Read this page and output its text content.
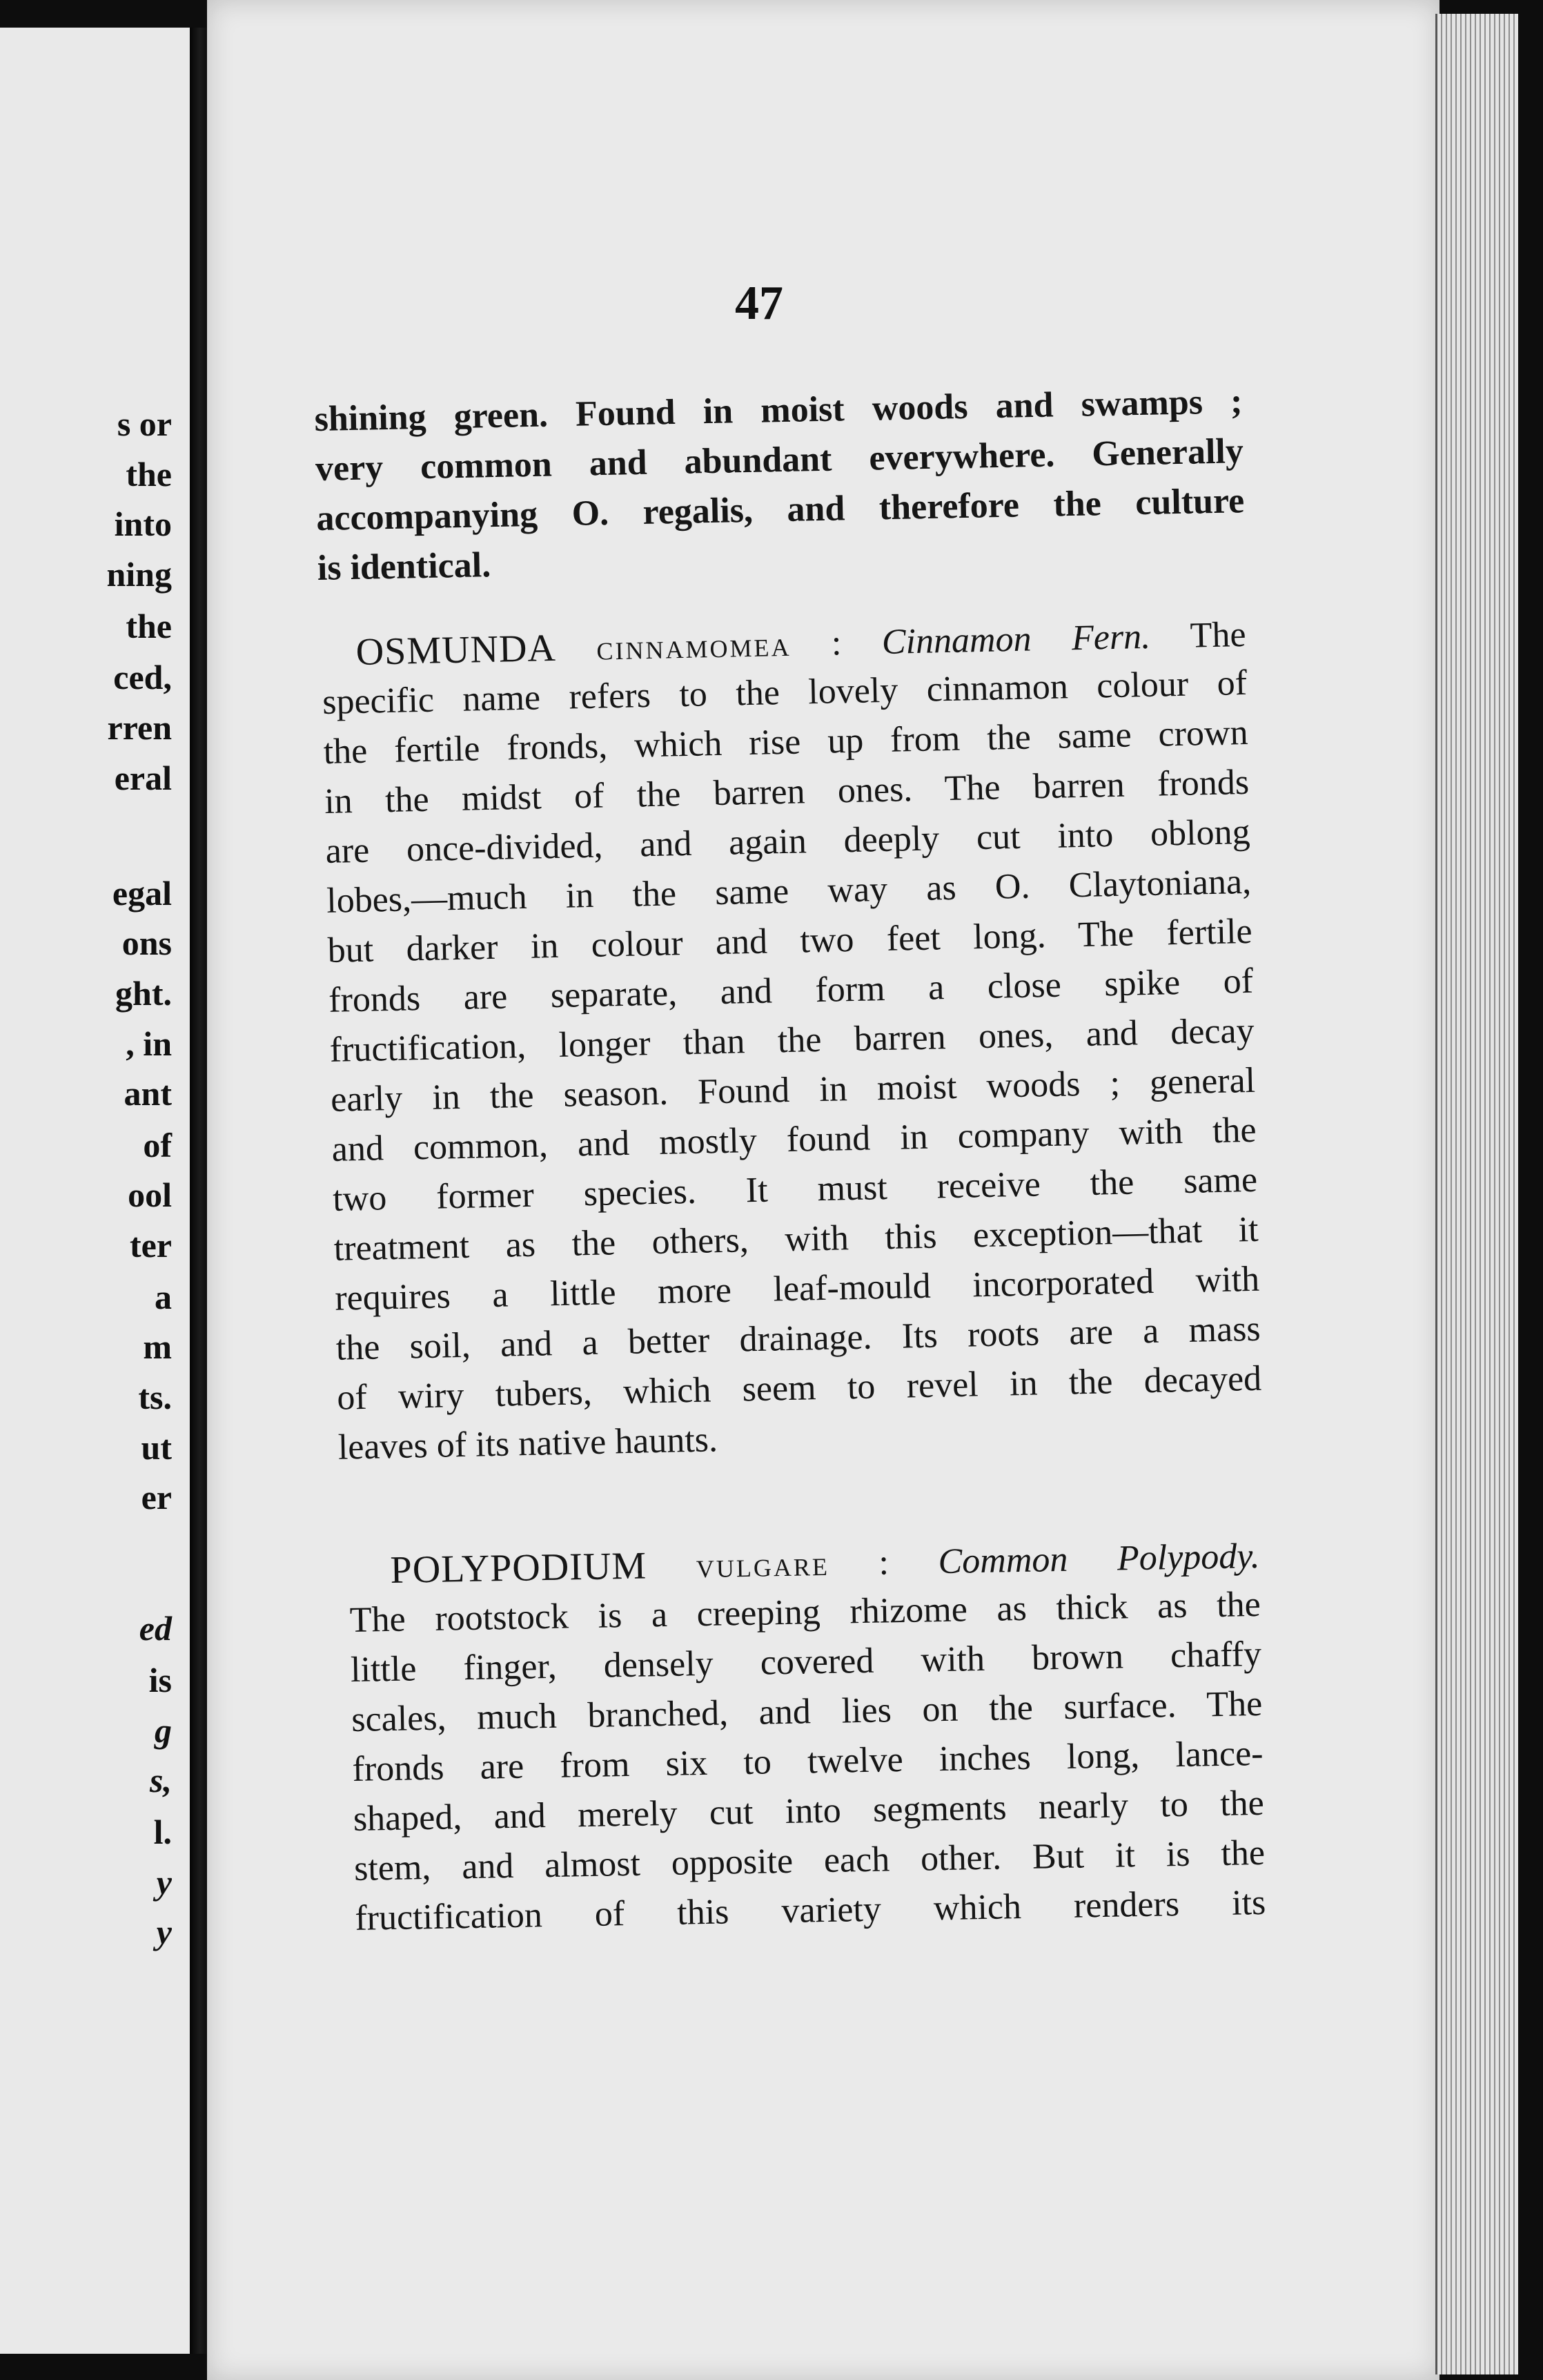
s or
the
into
ning
the
ced,
rren
eral
egal
ons
ght.
, in
ant
of
ool
ter
a
m
ts.
ut
er
ed
is
g
s,
l.
y
y
47
shining green. Found in moist woods and swamps ;
very common and abundant everywhere. Generally
accompanying O. regalis, and therefore the culture
is identical.
OSMUNDA CINNAMOMEA : Cinnamon Fern. The
specific name refers to the lovely cinnamon colour of
the fertile fronds, which rise up from the same crown
in the midst of the barren ones. The barren fronds
are once-divided, and again deeply cut into oblong
lobes,—much in the same way as O. Claytoniana,
but darker in colour and two feet long. The fertile
fronds are separate, and form a close spike of
fructification, longer than the barren ones, and decay
early in the season. Found in moist woods ; general
and common, and mostly found in company with the
two former species. It must receive the same
treatment as the others, with this exception—that it
requires a little more leaf-mould incorporated with
the soil, and a better drainage. Its roots are a mass
of wiry tubers, which seem to revel in the decayed
leaves of its native haunts.
POLYPODIUM VULGARE : Common Polypody.
The rootstock is a creeping rhizome as thick as the
little finger, densely covered with brown chaffy
scales, much branched, and lies on the surface. The
fronds are from six to twelve inches long, lance-
shaped, and merely cut into segments nearly to the
stem, and almost opposite each other. But it is the
fructification of this variety which renders its
